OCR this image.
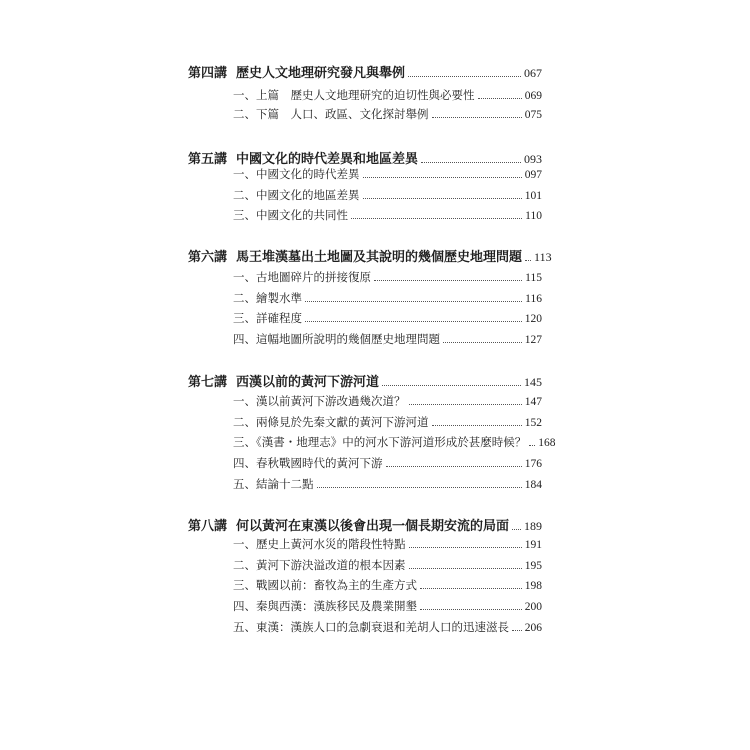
第四講 歷史人文地理研究發凡與舉例	067
一、上篇　歷史人文地理研究的迫切性與必要性	069
二、下篇　人口、政區、文化探討舉例	075
第五講 中國文化的時代差異和地區差異	093
一、中國文化的時代差異	097
二、中國文化的地區差異	101
三、中國文化的共同性	110
第六講 馬王堆漢墓出土地圖及其說明的幾個歷史地理問題 113
一、古地圖碎片的拼接復原	115
二、繪製水準	116
三、詳確程度	120
四、這幅地圖所說明的幾個歷史地理問題	127
第七講 西漢以前的黃河下游河道	145
一、漢以前黃河下游改過幾次道？	147
二、兩條見於先秦文獻的黃河下游河道	152
三、《漢書・地理志》中的河水下游河道形成於甚麼時候？ 168
四、春秋戰國時代的黃河下游	176
五、結論十二點	184
第八講 何以黃河在東漢以後會出現一個長期安流的局面 189
一、歷史上黃河水災的階段性特點	191
二、黃河下游決溢改道的根本因素	195
三、戰國以前：畜牧為主的生產方式	198
四、秦與西漢：漢族移民及農業開墾	200
五、東漢：漢族人口的急劇衰退和羌胡人口的迅速滋長 206
